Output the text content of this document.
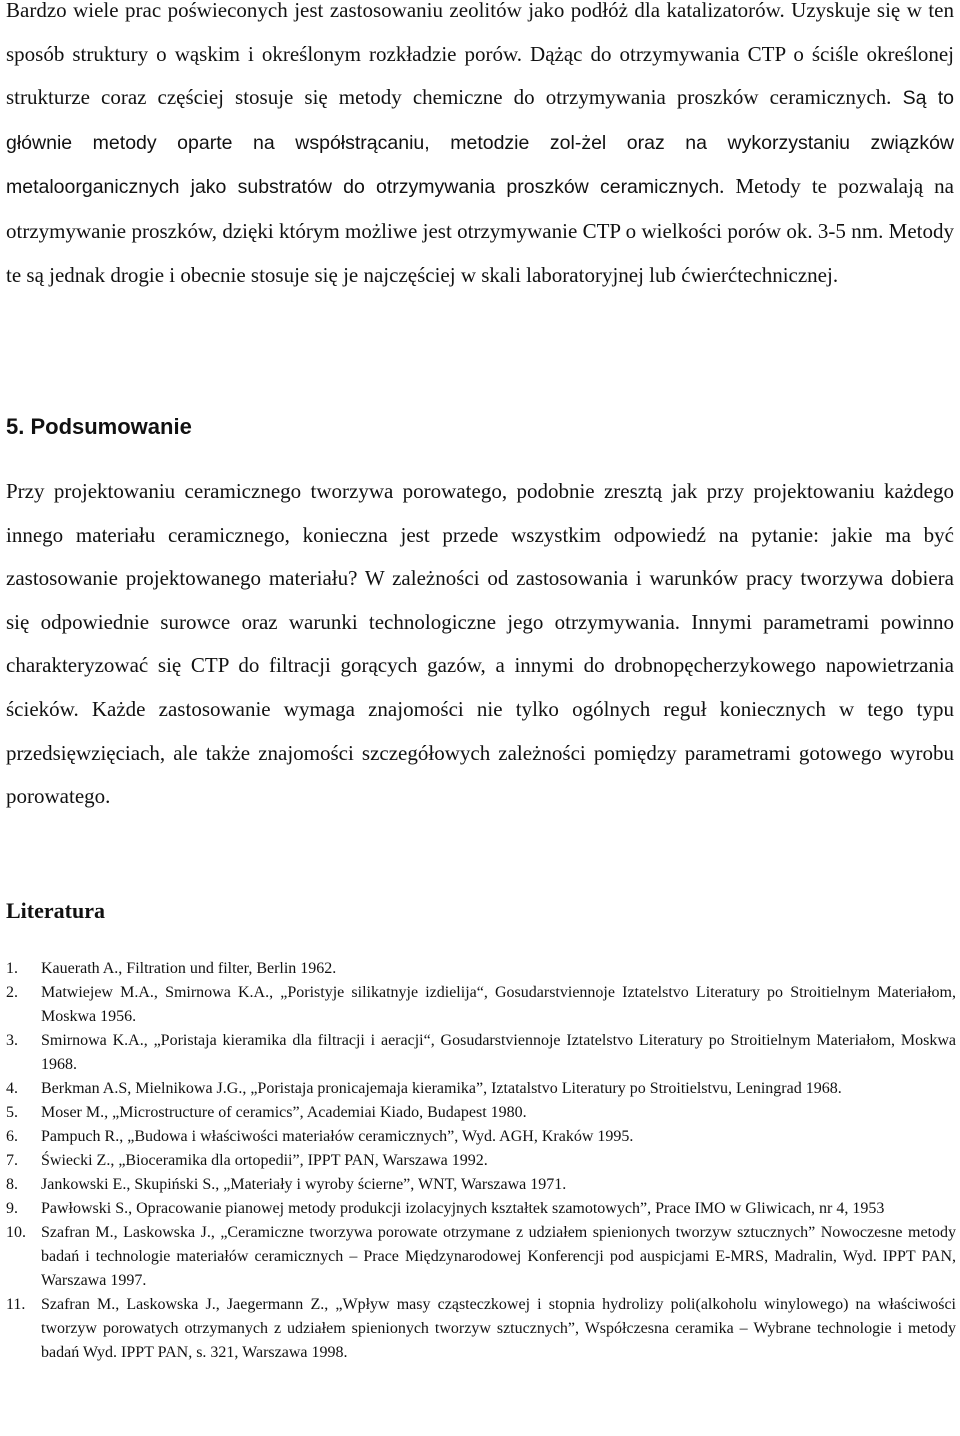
Bardzo wiele prac poświeconych jest zastosowaniu zeolitów jako podłóż dla katalizatorów. Uzyskuje się w ten sposób struktury o wąskim i określonym rozkładzie porów. Dążąc do otrzymywania CTP o ściśle określonej strukturze coraz częściej stosuje się metody chemiczne do otrzymywania proszków ceramicznych. Są to głównie metody oparte na współstrącaniu, metodzie zol-żel oraz na wykorzystaniu związków metaloorganicznych jako substratów do otrzymywania proszków ceramicznych. Metody te pozwalają na otrzymywanie proszków, dzięki którym możliwe jest otrzymywanie CTP o wielkości porów ok. 3-5 nm. Metody te są jednak drogie i obecnie stosuje się je najczęściej w skali laboratoryjnej lub ćwierćtechnicznej.

5. Podsumowanie

Przy projektowaniu ceramicznego tworzywa porowatego, podobnie zresztą jak przy projektowaniu każdego innego materiału ceramicznego, konieczna jest przede wszystkim odpowiedź na pytanie: jakie ma być zastosowanie projektowanego materiału? W zależności od zastosowania i warunków pracy tworzywa dobiera się odpowiednie surowce oraz warunki technologiczne jego otrzymywania. Innymi parametrami powinno charakteryzować się CTP do filtracji gorących gazów, a innymi do drobnopęcherzykowego napowietrzania ścieków. Każde zastosowanie wymaga znajomości nie tylko ogólnych reguł koniecznych w tego typu przedsięwzięciach, ale także znajomości szczegółowych zależności pomiędzy parametrami gotowego wyrobu porowatego.

Literatura
1.	Kauerath A., Filtration und filter, Berlin 1962.
2.	Matwiejew M.A., Smirnowa K.A., „Poristyje silikatnyje izdielija“, Gosudarstviennoje Iztatelstvo Literatury po Stroitielnym Materiałom, Moskwa 1956.
3.	Smirnowa K.A., „Poristaja kieramika dla filtracji i aeracji“, Gosudarstviennoje Iztatelstvo Literatury po Stroitielnym Materiałom, Moskwa 1968.
4.	Berkman A.S, Mielnikowa J.G., „Poristaja pronicajemaja kieramika”, Iztatalstvo Literatury po Stroitielstvu, Leningrad 1968.
5.	Moser M., „Microstructure of ceramics”, Academiai Kiado, Budapest 1980.
6.	Pampuch R., „Budowa i właściwości materiałów ceramicznych”, Wyd. AGH, Kraków 1995.
7.	Świecki Z., „Bioceramika dla ortopedii”, IPPT PAN, Warszawa 1992.
8.	Jankowski E., Skupiński S., „Materiały i wyroby ścierne”, WNT, Warszawa 1971.
9.	Pawłowski S., Opracowanie pianowej metody produkcji izolacyjnych kształtek szamotowych”, Prace IMO w Gliwicach, nr 4, 1953
10. Szafran M., Laskowska J., „Ceramiczne tworzywa porowate otrzymane z udziałem spienionych tworzyw sztucznych” Nowoczesne metody badań i technologie materiałów ceramicznych – Prace Międzynarodowej Konferencji pod auspicjami E-MRS, Madralin, Wyd. IPPT PAN, Warszawa 1997.
11. Szafran M., Laskowska J., Jaegermann Z., „Wpływ masy cząsteczkowej i stopnia hydrolizy poli(alkoholu winylowego) na właściwości tworzyw porowatych otrzymanych z udziałem spienionych tworzyw sztucznych”, Współczesna ceramika – Wybrane technologie i metody badań Wyd. IPPT PAN, s. 321, Warszawa 1998.
